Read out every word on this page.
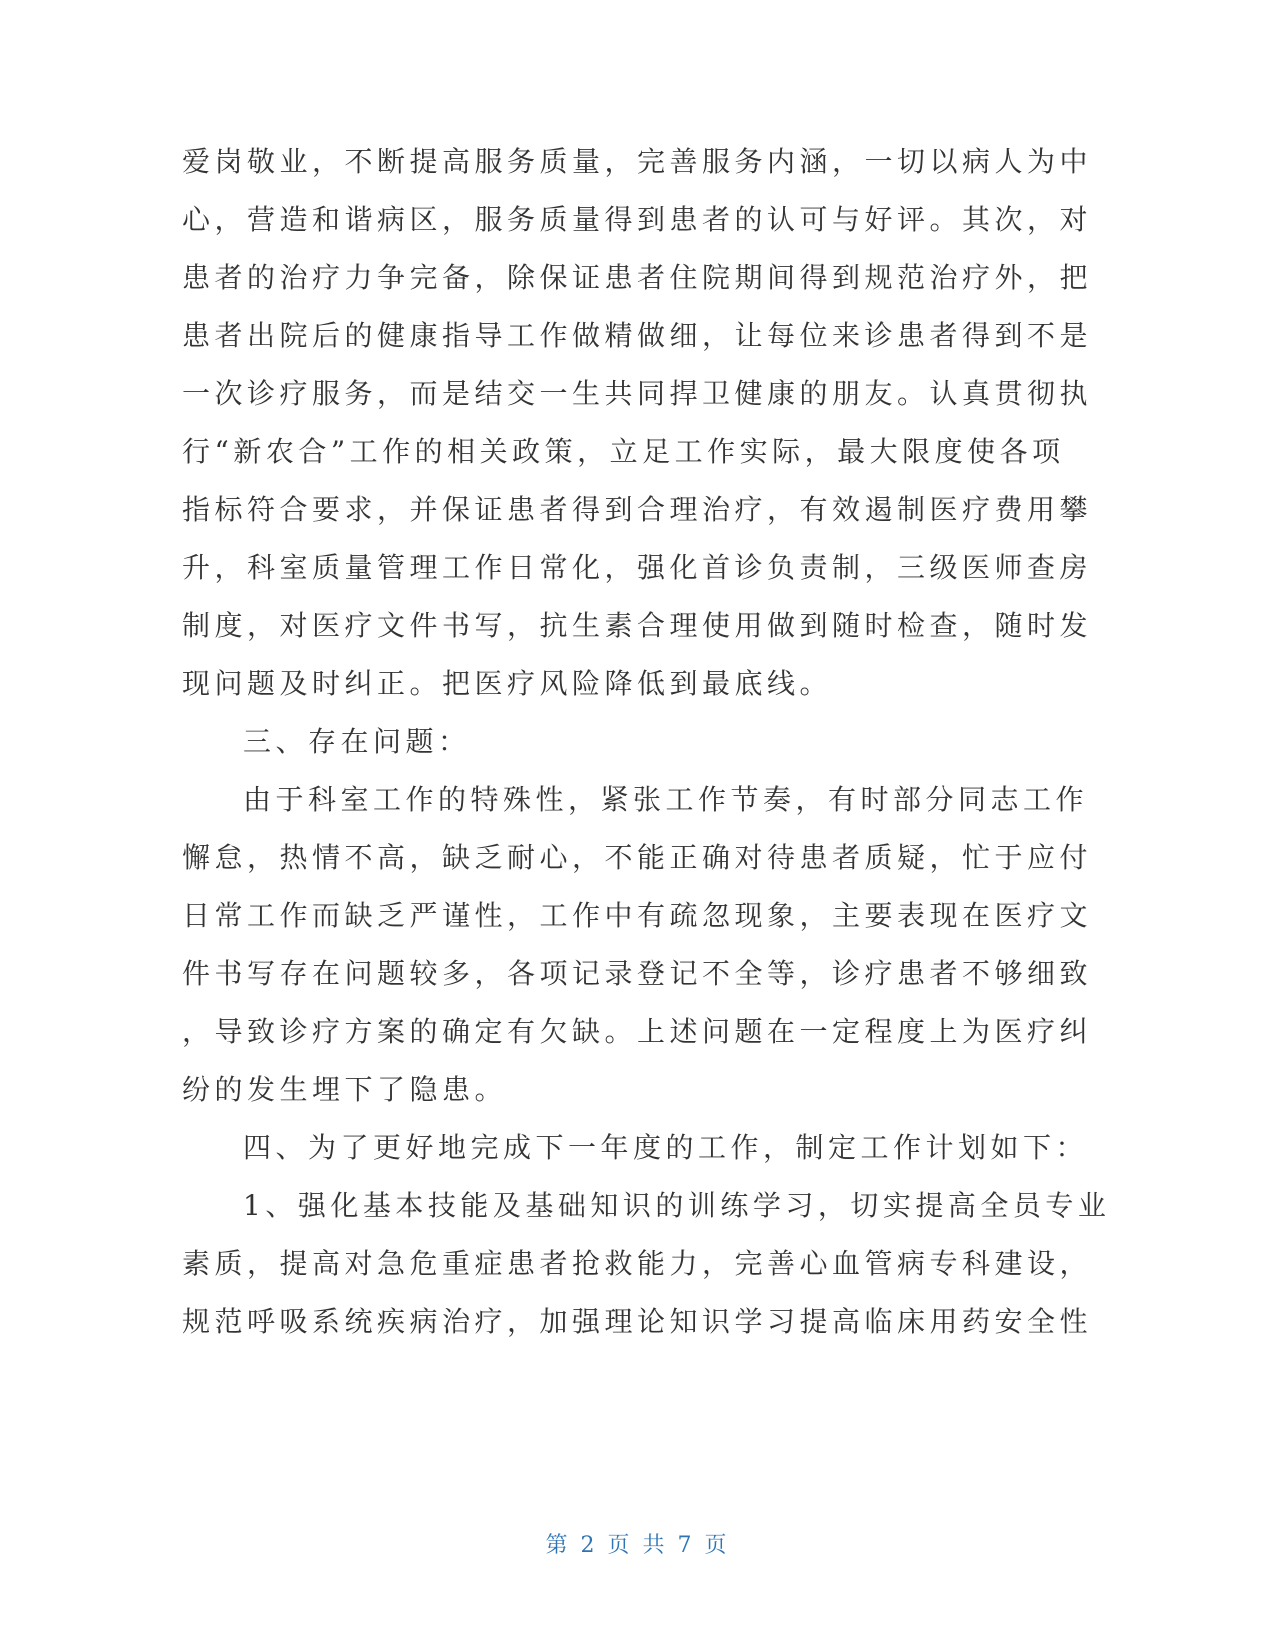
爱岗敬业，不断提高服务质量，完善服务内涵，一切以病人为中
心，营造和谐病区，服务质量得到患者的认可与好评。其次，对
患者的治疗力争完备，除保证患者住院期间得到规范治疗外，把
患者出院后的健康指导工作做精做细，让每位来诊患者得到不是
一次诊疗服务，而是结交一生共同捍卫健康的朋友。认真贯彻执
行“新农合”工作的相关政策，立足工作实际，最大限度使各项
指标符合要求，并保证患者得到合理治疗，有效遏制医疗费用攀
升，科室质量管理工作日常化，强化首诊负责制，三级医师查房
制度，对医疗文件书写，抗生素合理使用做到随时检查，随时发
现问题及时纠正。把医疗风险降低到最底线。
三、存在问题：
由于科室工作的特殊性，紧张工作节奏，有时部分同志工作
懈怠，热情不高，缺乏耐心，不能正确对待患者质疑，忙于应付
日常工作而缺乏严谨性，工作中有疏忽现象，主要表现在医疗文
件书写存在问题较多，各项记录登记不全等，诊疗患者不够细致
，导致诊疗方案的确定有欠缺。上述问题在一定程度上为医疗纠
纷的发生埋下了隐患。
四、为了更好地完成下一年度的工作，制定工作计划如下：
1、强化基本技能及基础知识的训练学习，切实提高全员专业
素质，提高对急危重症患者抢救能力，完善心血管病专科建设，
规范呼吸系统疾病治疗，加强理论知识学习提高临床用药安全性
第 2 页 共 7 页
